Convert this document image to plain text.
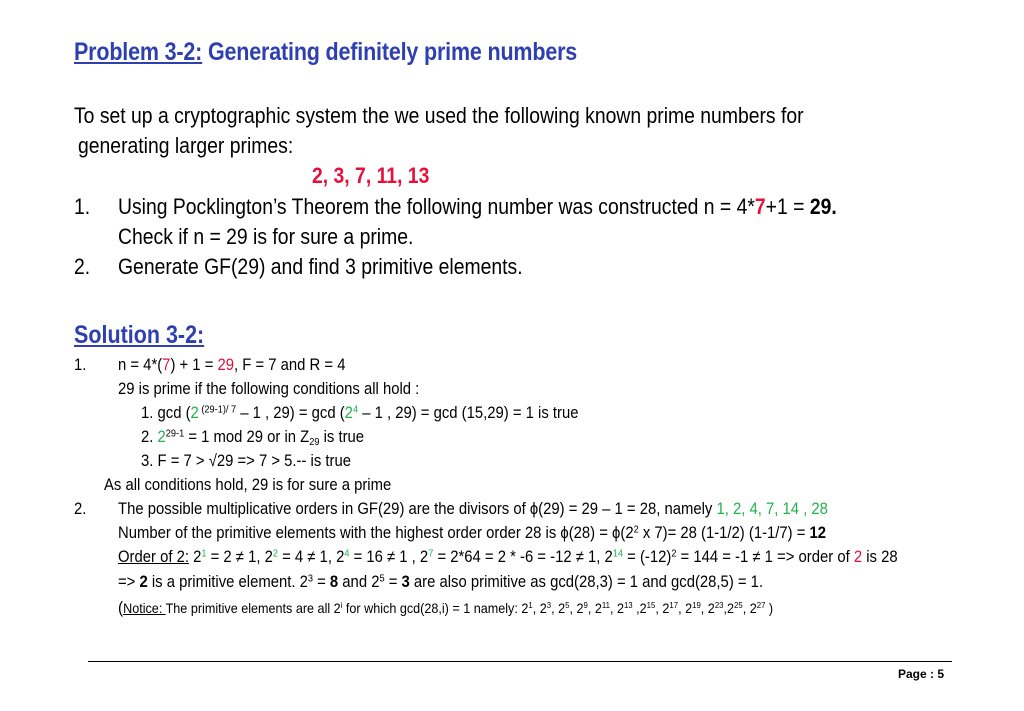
Problem 3-2: Generating definitely prime numbers
To set up a cryptographic system the we used the following known prime numbers for
generating larger primes:
2, 3, 7, 11, 13
1. Using Pocklington’s Theorem the following number was constructed n = 4*7+1 = 29.
Check if n = 29 is for sure a prime.
2. Generate GF(29) and find 3 primitive elements.
Solution 3-2:
1. n = 4*(7) + 1 = 29, F = 7 and R = 4
29 is prime if the following conditions all hold :
1. gcd (2 $^{(29-1)/ 7}$ – 1 , $29) = \gcd (2^4 - 1$ , 29) = gcd (15,29) = 1 is true
2. $2^{29-1} = 1$ mod 29 or in $Z_{29}$ is true
3. F = 7 > √29 => 7 > 5.-- is true
As all conditions hold, 29 is for sure a prime
2. The possible multiplicative orders in GF(29) are the divisors of ϕ(29) = 29 – 1 = 28, namely 1, 2, 4, 7, 14 , 28
Number of the primitive elements with the highest order order 28 is $\phi(28) = \phi(2^2$ x 7)= 28 (1-1/2) (1-1/7) = 12
Order of 2: $2^1 = 2 \ne 1$, $2^2 = 4 \ne 1$, $2^4 = 16 \ne 1$ , $2^7 = 2*64 = 2 * -6 = -12 \ne 1$, $2^{14} = (-12)^2 = 144 = -1 \ne 1$ => order of 2 is 28
=> 2 is a primitive element. $2^3 = 8$ and $2^5 = 3$ are also primitive as gcd(28,3) = 1 and gcd(28,5) = 1.
(Notice: The primitive elements are all 2$^i$ for which gcd(28,i) = 1 namely: $2^1$, $2^3$, $2^5$, $2^9$, $2^{11}$, $2^{13}$ $,2^{15}$, $2^{17}$, $2^{19}$, $2^{23},2^{25}$, $2^{27}$ )
Page : 5
